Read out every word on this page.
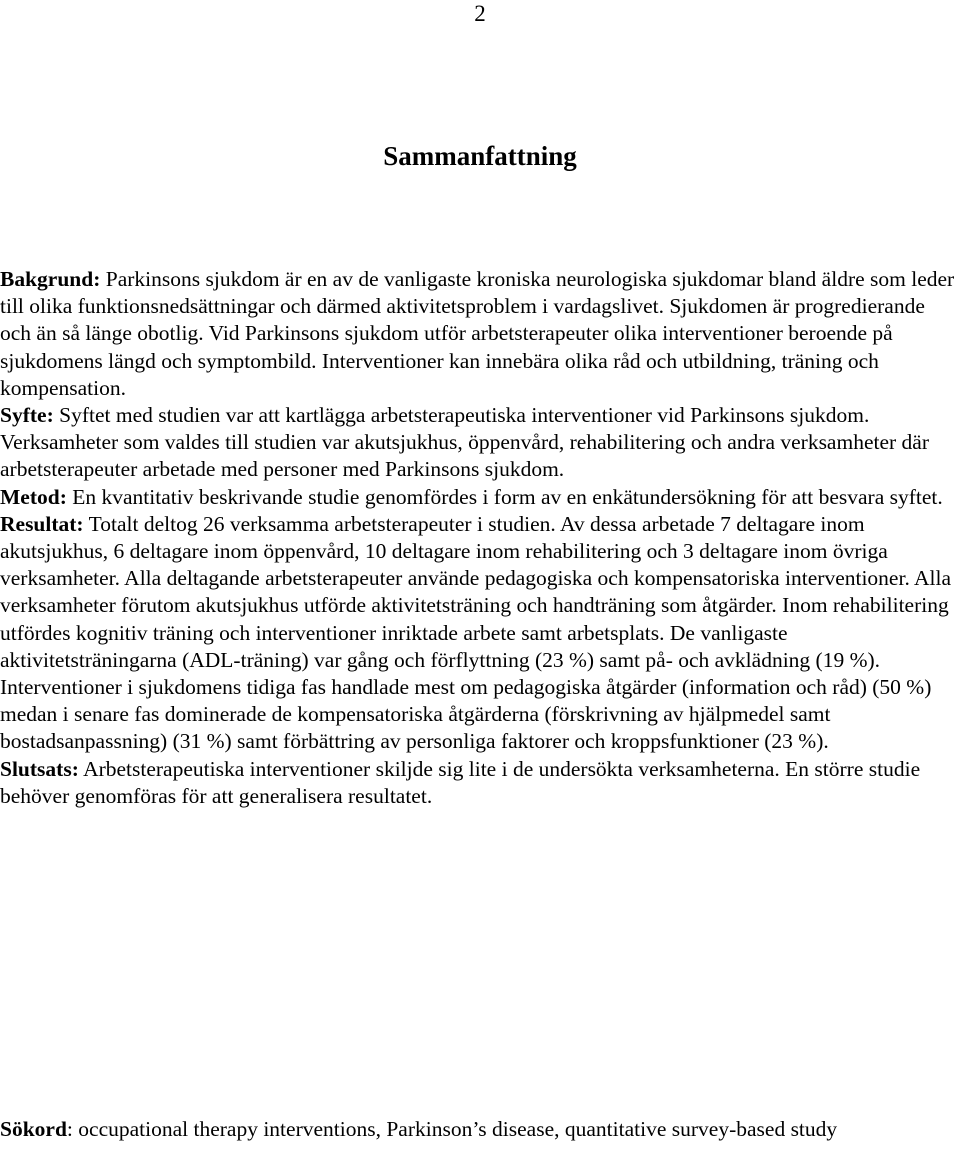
2
Sammanfattning

Bakgrund: Parkinsons sjukdom är en av de vanligaste kroniska neurologiska sjukdomar bland äldre som leder till olika funktionsnedsättningar och därmed aktivitetsproblem i vardagslivet. Sjukdomen är progredierande och än så länge obotlig. Vid Parkinsons sjukdom utför arbetsterapeuter olika interventioner beroende på sjukdomens längd och symptombild. Interventioner kan innebära olika råd och utbildning, träning och kompensation.

Syfte: Syftet med studien var att kartlägga arbetsterapeutiska interventioner vid Parkinsons sjukdom. Verksamheter som valdes till studien var akutsjukhus, öppenvård, rehabilitering och andra verksamheter där arbetsterapeuter arbetade med personer med Parkinsons sjukdom.

Metod: En kvantitativ beskrivande studie genomfördes i form av en enkätundersökning för att besvara syftet.

Resultat: Totalt deltog 26 verksamma arbetsterapeuter i studien. Av dessa arbetade 7 deltagare inom akutsjukhus, 6 deltagare inom öppenvård, 10 deltagare inom rehabilitering och 3 deltagare inom övriga verksamheter. Alla deltagande arbetsterapeuter använde pedagogiska och kompensatoriska interventioner. Alla verksamheter förutom akutsjukhus utförde aktivitetsträning och handträning som åtgärder. Inom rehabilitering utfördes kognitiv träning och interventioner inriktade arbete samt arbetsplats. De vanligaste aktivitetsträningarna (ADL-träning) var gång och förflyttning (23 %) samt på- och avklädning (19 %). Interventioner i sjukdomens tidiga fas handlade mest om pedagogiska åtgärder (information och råd) (50 %) medan i senare fas dominerade de kompensatoriska åtgärderna (förskrivning av hjälpmedel samt bostadsanpassning) (31 %) samt förbättring av personliga faktorer och kroppsfunktioner (23 %).

Slutsats: Arbetsterapeutiska interventioner skiljde sig lite i de undersökta verksamheterna. En större studie behöver genomföras för att generalisera resultatet.

Sökord: occupational therapy interventions, Parkinson’s disease, quantitative survey-based study
